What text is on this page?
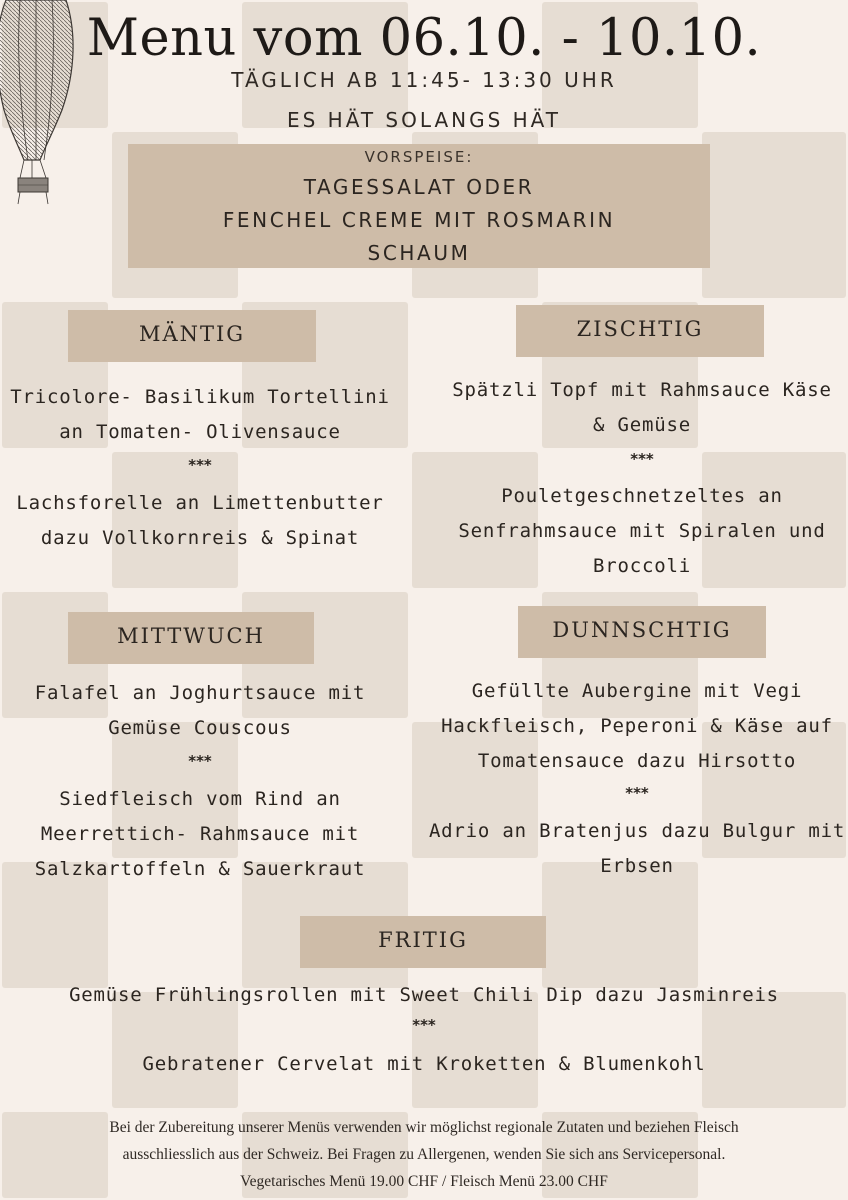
Menu vom 06.10. - 10.10.
TÄGLICH AB 11:45- 13:30 UHR
ES HÄT SOLANGS HÄT
VORSPEISE:
TAGESSALAT ODER
FENCHEL CREME MIT ROSMARIN
SCHAUM
MÄNTIG
Tricolore- Basilikum Tortellini
an Tomaten- Olivensauce
***
Lachsforelle an Limettenbutter
dazu Vollkornreis & Spinat
ZISCHTIG
Spätzli Topf mit Rahmsauce Käse
& Gemüse
***
Pouletgeschnetzeltes an
Senfrahmsauce mit Spiralen und
Broccoli
MITTWUCH
Falafel an Joghurtsauce mit
Gemüse Couscous
***
Siedfleisch vom Rind an
Meerrettich- Rahmsauce mit
Salzkartoffeln & Sauerkraut
DUNNSCHTIG
Gefüllte Aubergine mit Vegi
Hackfleisch, Peperoni & Käse auf
Tomatensauce dazu Hirsotto
***
Adrio an Bratenjus dazu Bulgur mit
Erbsen
FRITIG
Gemüse Frühlingsrollen mit Sweet Chili Dip dazu Jasminreis
***
Gebratener Cervelat mit Kroketten & Blumenkohl
Bei der Zubereitung unserer Menüs verwenden wir möglichst regionale Zutaten und beziehen Fleisch
ausschliesslich aus der Schweiz. Bei Fragen zu Allergenen, wenden Sie sich ans Servicepersonal.
Vegetarisches Menü 19.00 CHF / Fleisch Menü 23.00 CHF
